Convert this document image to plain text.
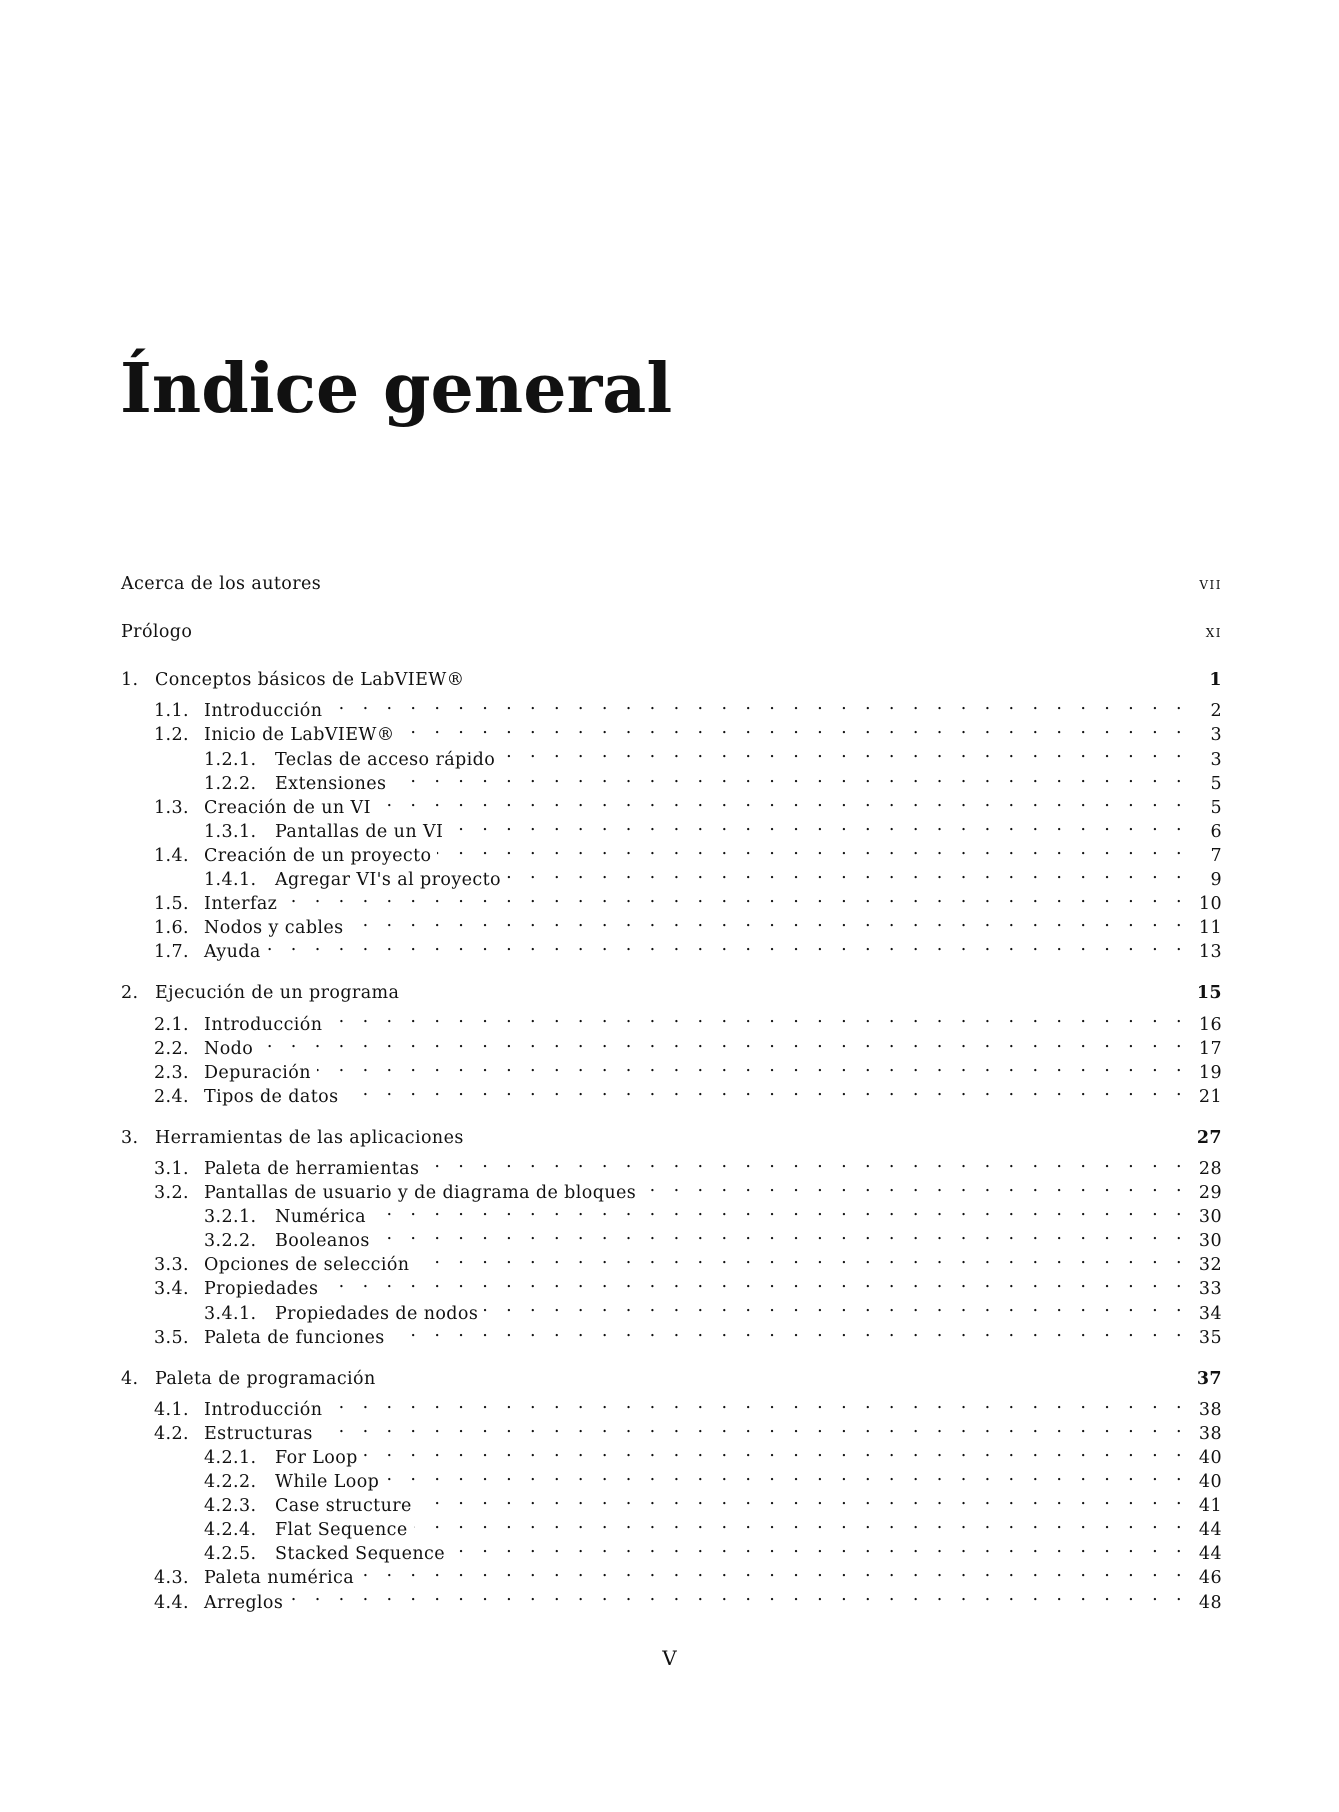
Índice general
Acerca de los autores	vii
Prólogo	xi
1. Conceptos básicos de LabVIEW®	1
1.1. Introducción . . .	2
1.2. Inicio de LabVIEW® . . .	3
1.2.1.	Teclas de acceso rápido . . .	3
1.2.2.	Extensiones . . .	5
1.3. Creación de un VI . . .	5
1.3.1.	Pantallas de un VI . . .	6
1.4. Creación de un proyecto . . .	7
1.4.1.	Agregar VI's al proyecto . . .	9
1.5. Interfaz . . .	10
1.6. Nodos y cables . . .	11
1.7. Ayuda . . .	13
2. Ejecución de un programa	15
2.1. Introducción . . .	16
2.2. Nodo . . .	17
2.3. Depuración . . .	19
2.4. Tipos de datos . . .	21
3. Herramientas de las aplicaciones	27
3.1. Paleta de herramientas . . .	28
3.2. Pantallas de usuario y de diagrama de bloques . . .	29
3.2.1.	Numérica . . .	30
3.2.2.	Booleanos . . .	30
3.3. Opciones de selección . . .	32
3.4. Propiedades . . .	33
3.4.1.	Propiedades de nodos . . .	34
3.5. Paleta de funciones . . .	35
4. Paleta de programación	37
4.1. Introducción . . .	38
4.2. Estructuras . . .	38
4.2.1.	For Loop . . .	40
4.2.2.	While Loop . . .	40
4.2.3.	Case structure . . .	41
4.2.4.	Flat Sequence . . .	44
4.2.5.	Stacked Sequence . . .	44
4.3. Paleta numérica . . .	46
4.4. Arreglos . . .	48
V
